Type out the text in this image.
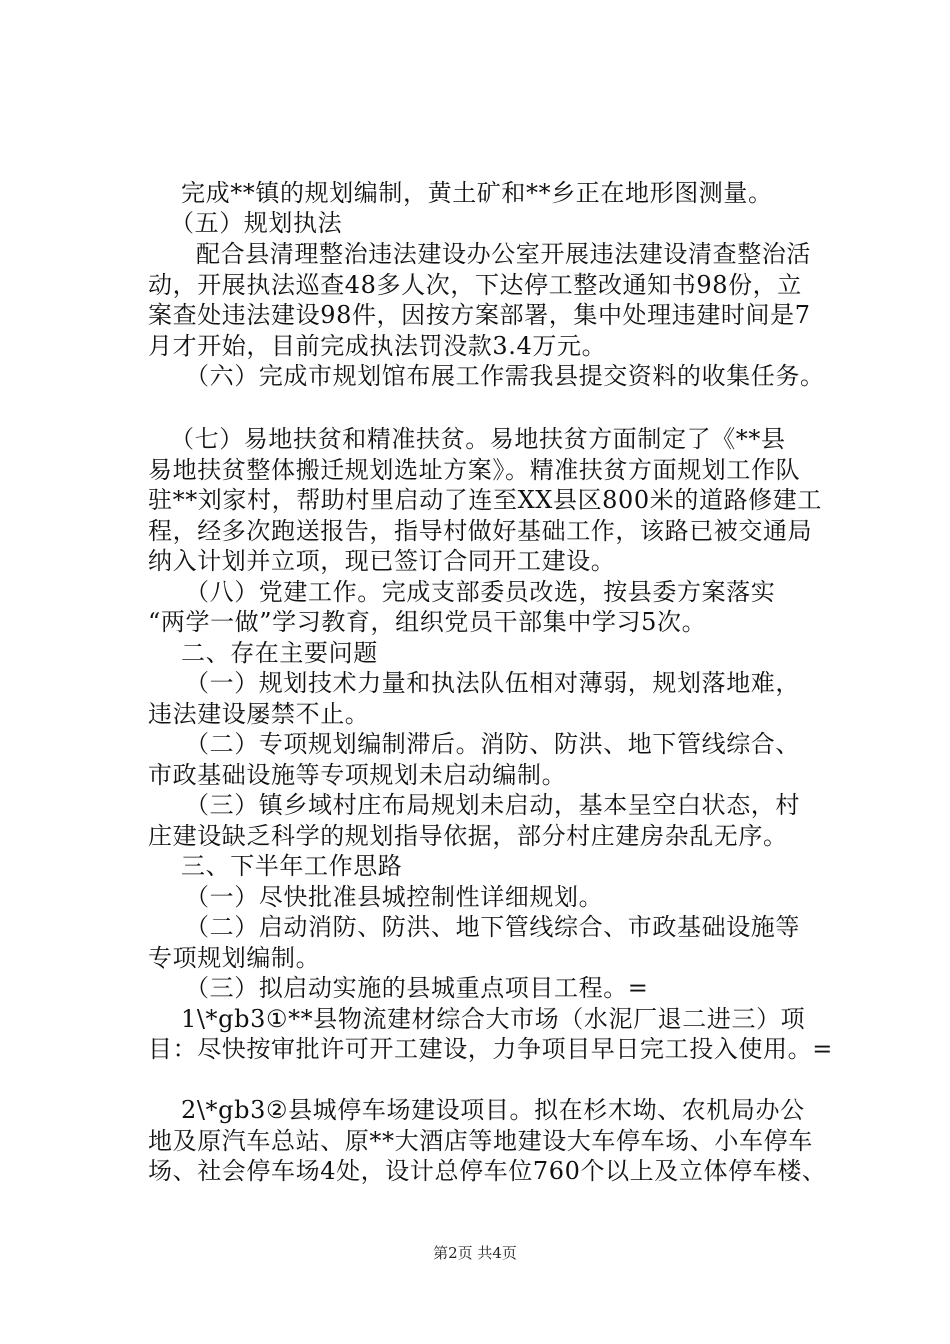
完成**镇的规划编制，黄土矿和**乡正在地形图测量。
（五）规划执法
配合县清理整治违法建设办公室开展违法建设清查整治活
动，开展执法巡查48多人次，下达停工整改通知书98份，立
案查处违法建设98件，因按方案部署，集中处理违建时间是7
月才开始，目前完成执法罚没款3.4万元。
（六）完成市规划馆布展工作需我县提交资料的收集任务。
（七）易地扶贫和精准扶贫。易地扶贫方面制定了《**县
易地扶贫整体搬迁规划选址方案》。精准扶贫方面规划工作队
驻**刘家村，帮助村里启动了连至XX县区800米的道路修建工
程，经多次跑送报告，指导村做好基础工作，该路已被交通局
纳入计划并立项，现已签订合同开工建设。
（八）党建工作。完成支部委员改选，按县委方案落实
“两学一做”学习教育，组织党员干部集中学习5次。
二、存在主要问题
（一）规划技术力量和执法队伍相对薄弱，规划落地难，
违法建设屡禁不止。
（二）专项规划编制滞后。消防、防洪、地下管线综合、
市政基础设施等专项规划未启动编制。
（三）镇乡域村庄布局规划未启动，基本呈空白状态，村
庄建设缺乏科学的规划指导依据，部分村庄建房杂乱无序。
三、下半年工作思路
（一）尽快批准县城控制性详细规划。
（二）启动消防、防洪、地下管线综合、市政基础设施等
专项规划编制。
（三）拟启动实施的县城重点项目工程。=
1\*gb3①**县物流建材综合大市场（水泥厂退二进三）项
目：尽快按审批许可开工建设，力争项目早日完工投入使用。=
2\*gb3②县城停车场建设项目。拟在杉木坳、农机局办公
地及原汽车总站、原**大酒店等地建设大车停车场、小车停车
场、社会停车场4处，设计总停车位760个以上及立体停车楼、
第2页 共4页
